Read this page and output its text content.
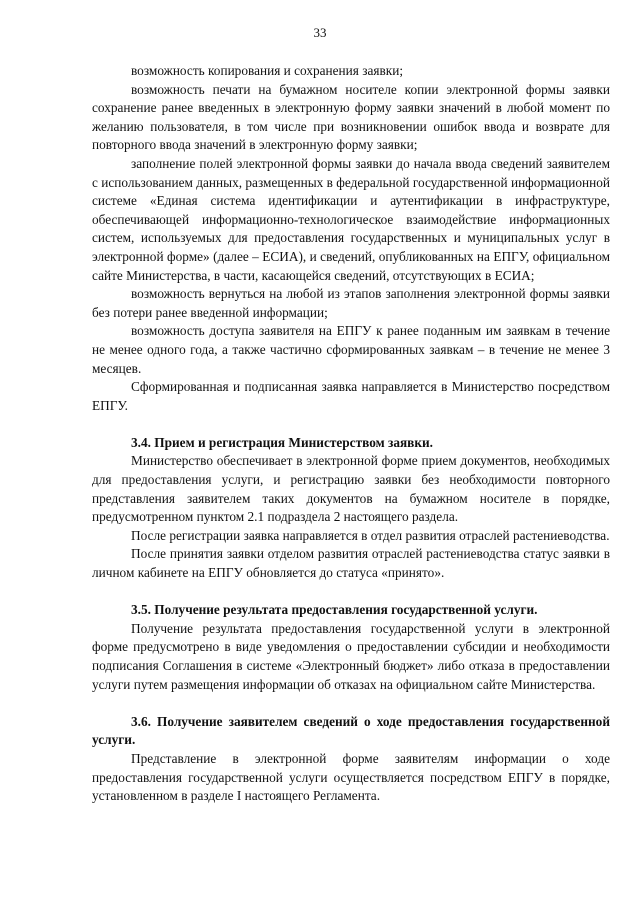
33

возможность копирования и сохранения заявки;

возможность печати на бумажном носителе копии электронной формы заявки сохранение ранее введенных в электронную форму заявки значений в любой момент по желанию пользователя, в том числе при возникновении ошибок ввода и возврате для повторного ввода значений в электронную форму заявки;

заполнение полей электронной формы заявки до начала ввода сведений заявителем с использованием данных, размещенных в федеральной государственной информационной системе «Единая система идентификации и аутентификации в инфраструктуре, обеспечивающей информационно-технологическое взаимодействие информационных систем, используемых для предоставления государственных и муниципальных услуг в электронной форме» (далее – ЕСИА), и сведений, опубликованных на ЕПГУ, официальном сайте Министерства, в части, касающейся сведений, отсутствующих в ЕСИА;

возможность вернуться на любой из этапов заполнения электронной формы заявки без потери ранее введенной информации;

возможность доступа заявителя на ЕПГУ к ранее поданным им заявкам в течение не менее одного года, а также частично сформированных заявкам – в течение не менее 3 месяцев.

Сформированная и подписанная заявка направляется в Министерство посредством ЕПГУ.

3.4. Прием и регистрация Министерством заявки.

Министерство обеспечивает в электронной форме прием документов, необходимых для предоставления услуги, и регистрацию заявки без необходимости повторного представления заявителем таких документов на бумажном носителе в порядке, предусмотренном пунктом 2.1 подраздела 2 настоящего раздела.

После регистрации заявка направляется в отдел развития отраслей растениеводства.

После принятия заявки отделом развития отраслей растениеводства статус заявки в личном кабинете на ЕПГУ обновляется до статуса «принято».

3.5. Получение результата предоставления государственной услуги.

Получение результата предоставления государственной услуги в электронной форме предусмотрено в виде уведомления о предоставлении субсидии и необходимости подписания Соглашения в системе «Электронный бюджет» либо отказа в предоставлении услуги путем размещения информации об отказах на официальном сайте Министерства.

3.6. Получение заявителем сведений о ходе предоставления государственной услуги.

Представление в электронной форме заявителям информации о ходе предоставления государственной услуги осуществляется посредством ЕПГУ в порядке, установленном в разделе I настоящего Регламента.
